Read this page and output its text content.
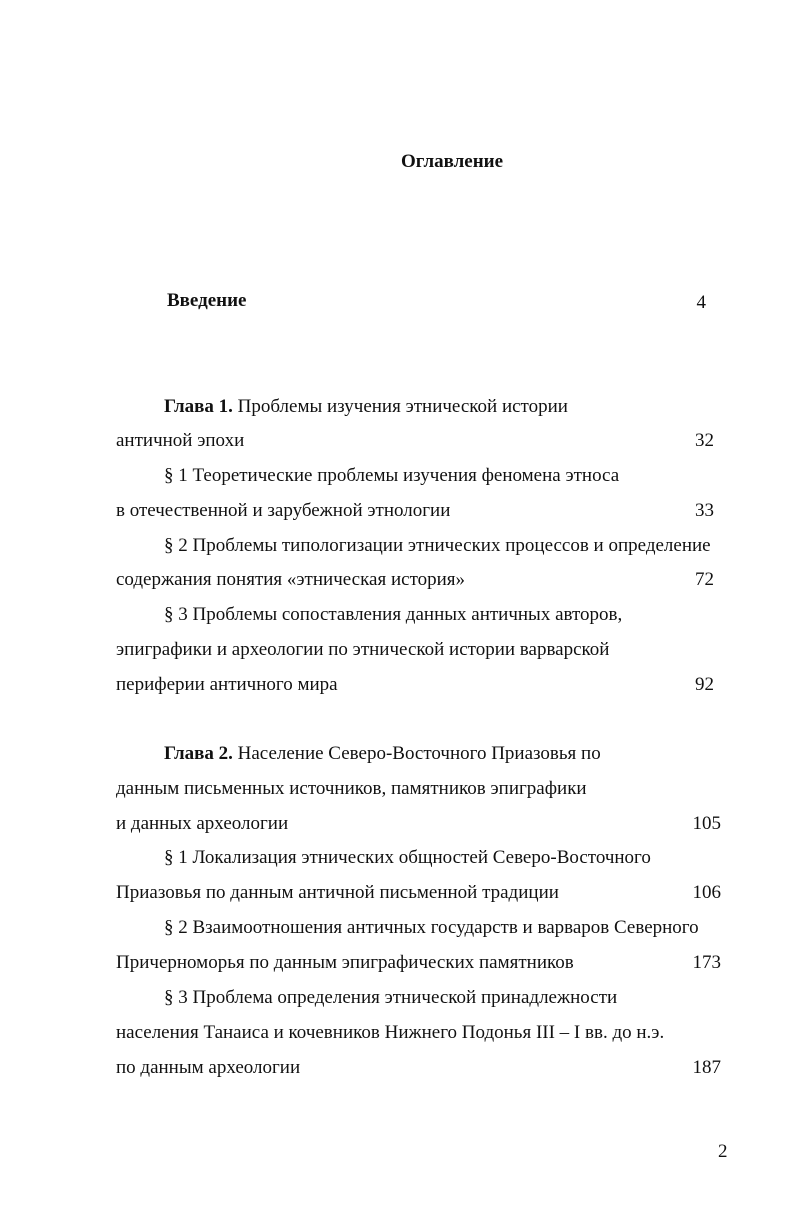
Оглавление
Введение	4
Глава 1. Проблемы изучения этнической истории
античной эпохи	32
§ 1 Теоретические проблемы изучения феномена этноса
в отечественной и зарубежной этнологии	33
§ 2 Проблемы типологизации этнических процессов и определение
содержания понятия «этническая история»	72
§ 3 Проблемы сопоставления данных античных авторов,
эпиграфики и археологии по этнической истории варварской
периферии античного мира	92
Глава 2. Население Северо-Восточного Приазовья по
данным письменных источников, памятников эпиграфики
и данных археологии	105
§ 1 Локализация этнических общностей Северо-Восточного
Приазовья по данным античной письменной традиции	106
§ 2 Взаимоотношения античных государств и варваров Северного
Причерноморья по данным эпиграфических памятников	173
§ 3 Проблема определения этнической принадлежности
населения Танаиса и кочевников Нижнего Подонья III – I вв. до н.э.
по данным археологии	187
2
